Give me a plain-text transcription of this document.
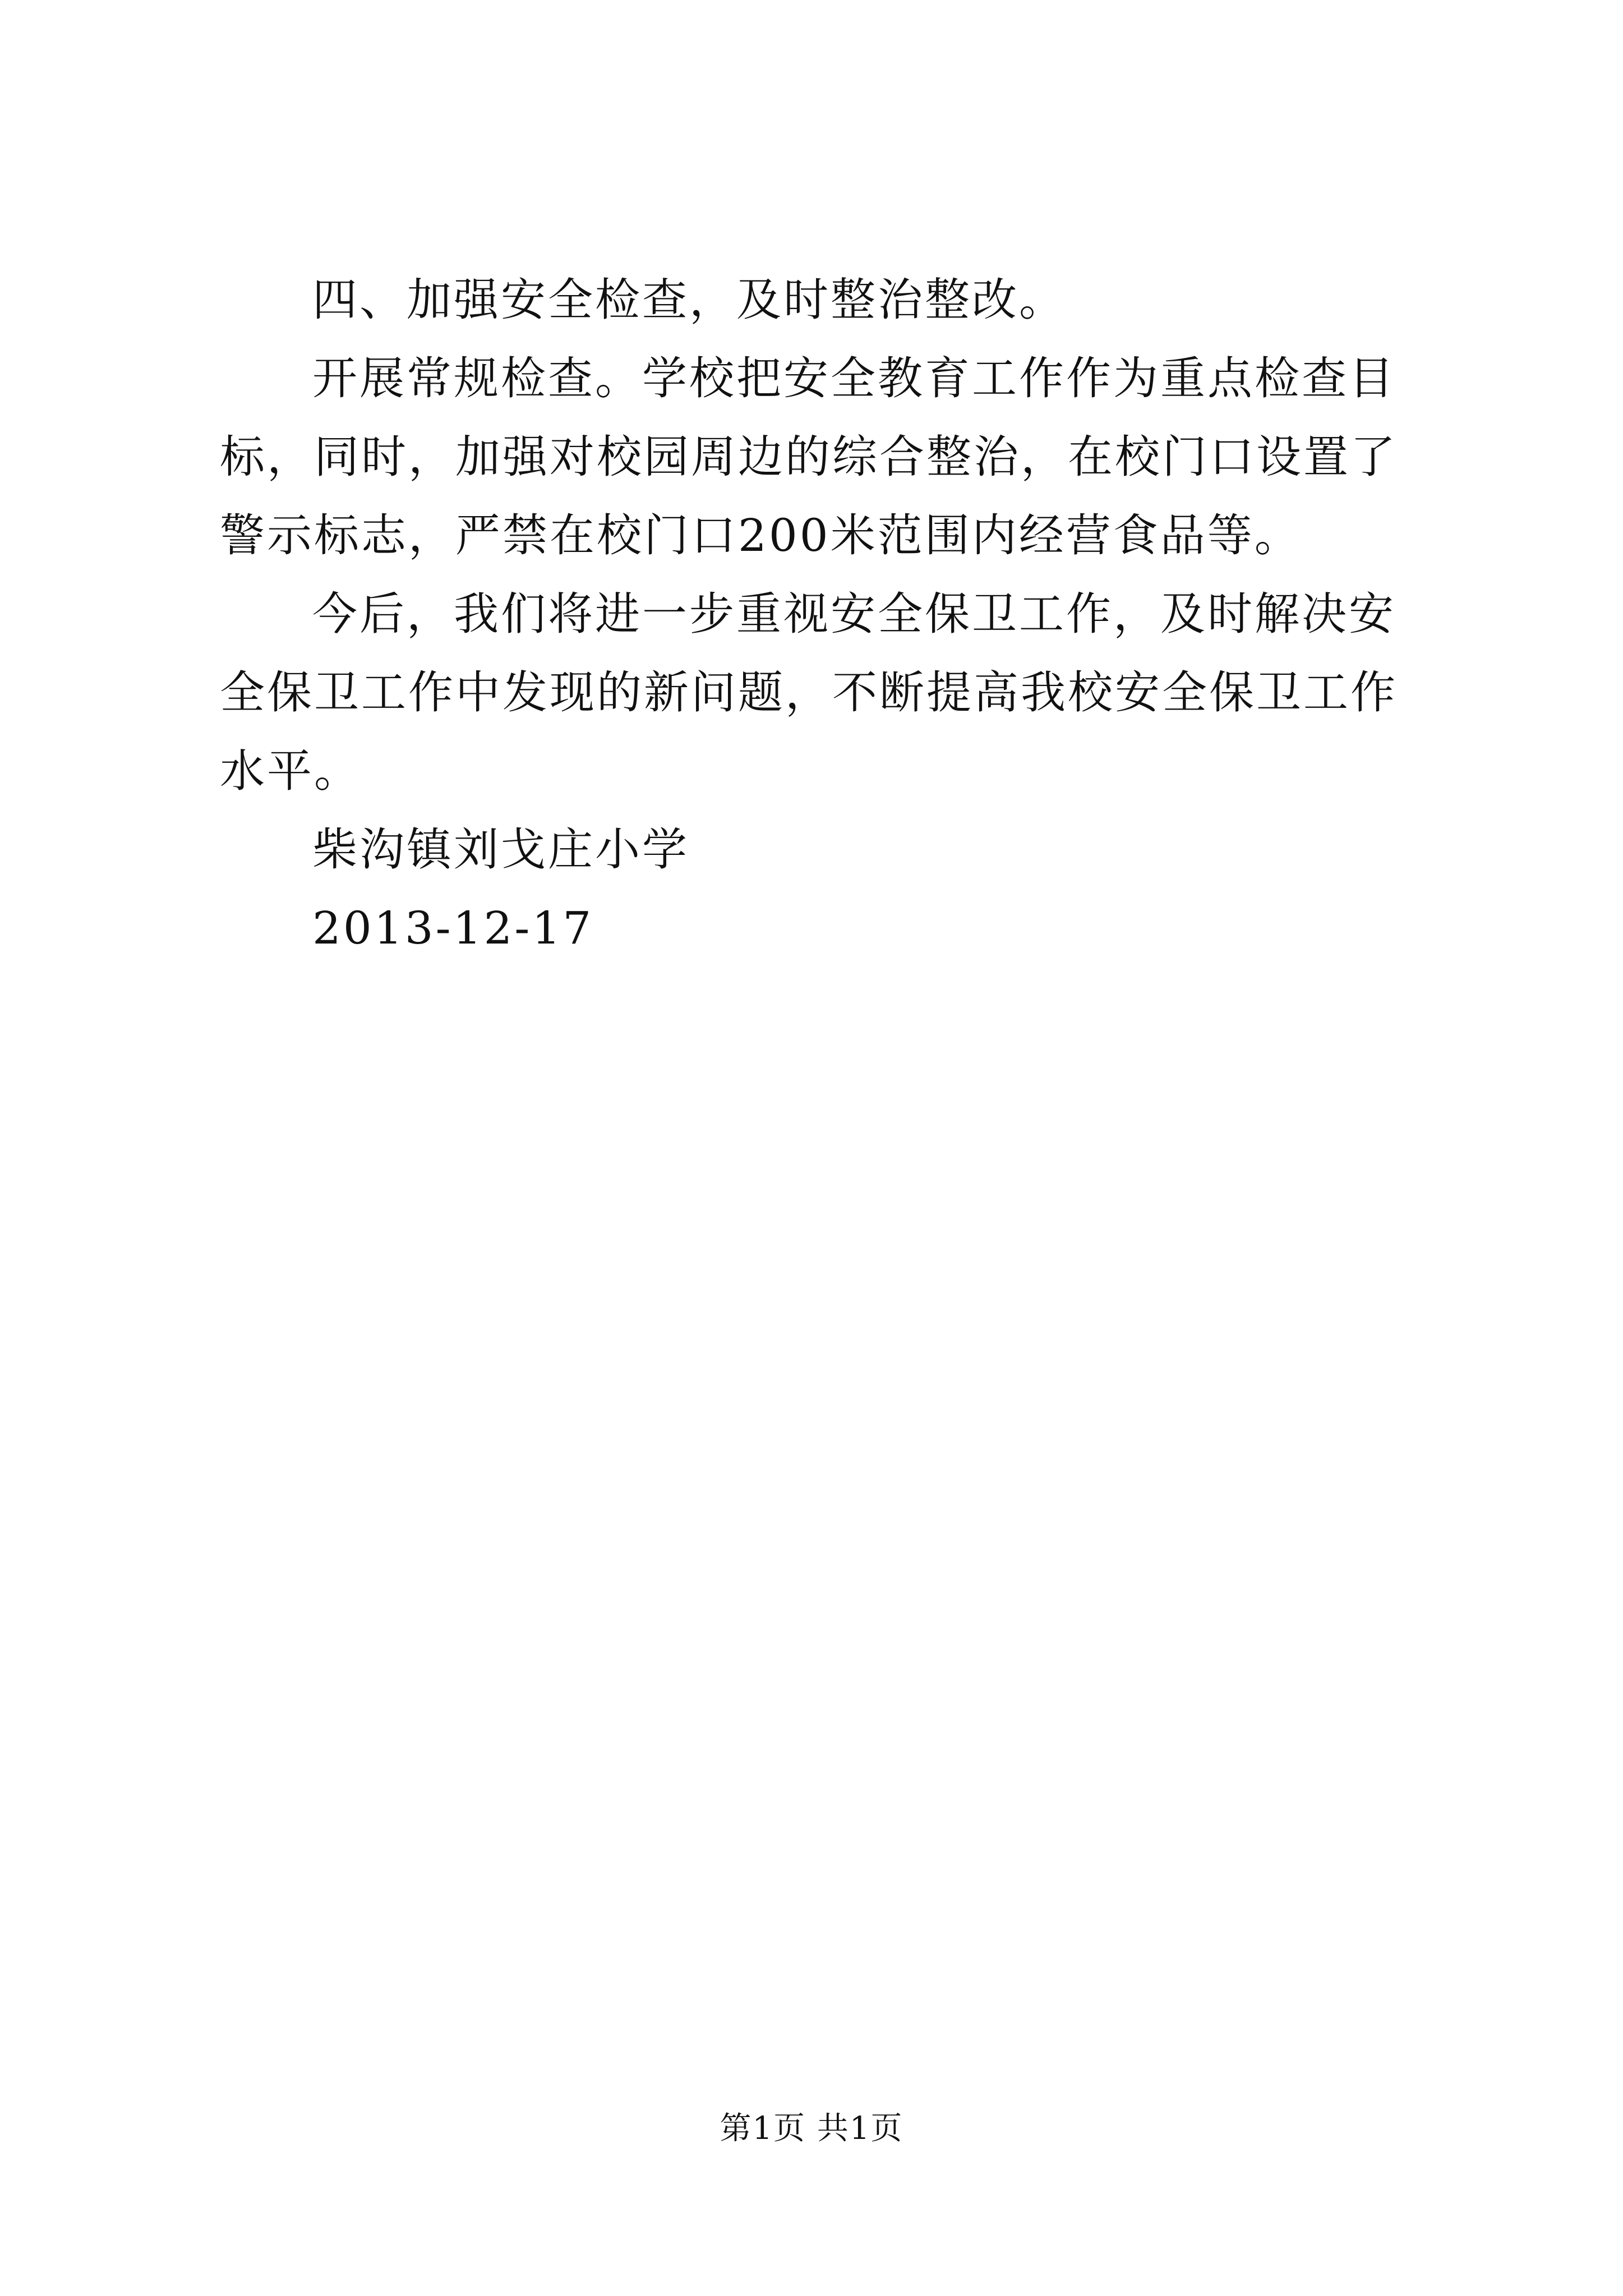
四、加强安全检查，及时整治整改。

开展常规检查。学校把安全教育工作作为重点检查目标，同时，加强对校园周边的综合整治，在校门口设置了警示标志，严禁在校门口200米范围内经营食品等。

今后，我们将进一步重视安全保卫工作，及时解决安全保卫工作中发现的新问题，不断提高我校安全保卫工作水平。

柴沟镇刘戈庄小学

2013-12-17

第1页 共1页
